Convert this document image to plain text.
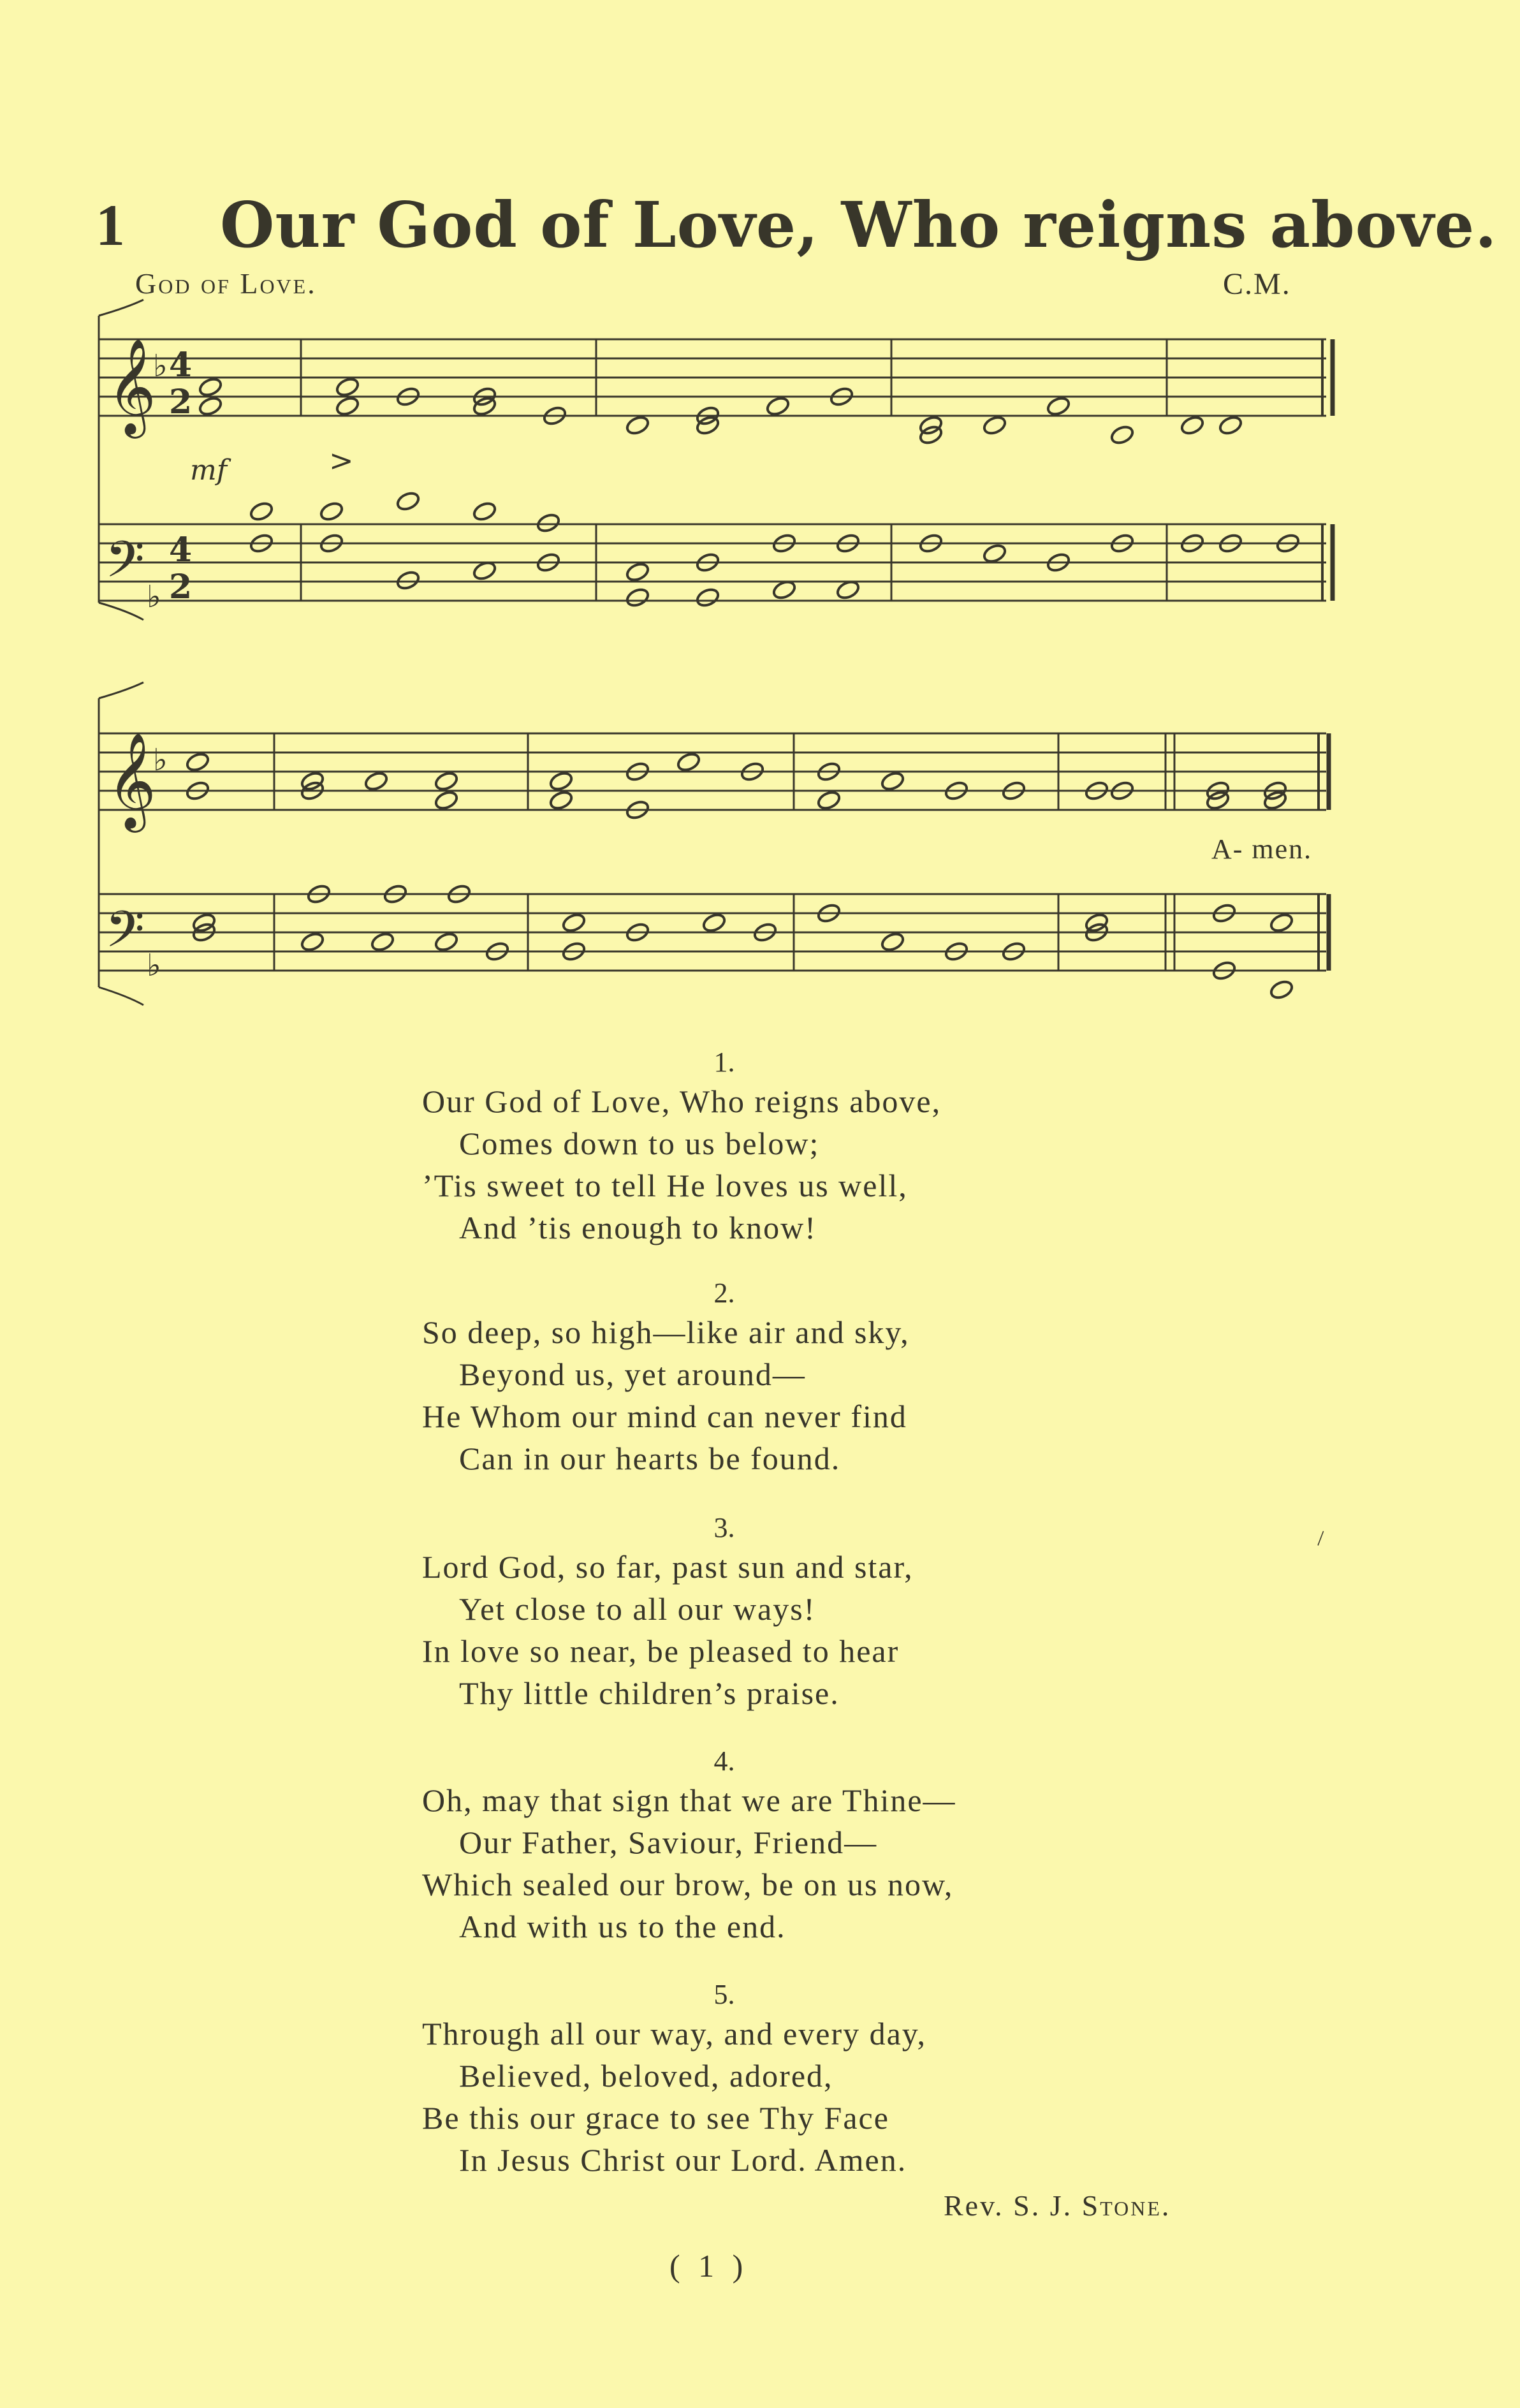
1 Our God of Love, Who reigns above.
God of Love.	C.M.
𝄞
𝄢
𝄞
𝄢
♭
♭
♭
♭
4
2
4
2
mf	>
A- men.
1.
Our God of Love, Who reigns above,
Comes down to us below;
’Tis sweet to tell He loves us well,
And ’tis enough to know!
2.
So deep, so high—like air and sky,
Beyond us, yet around—
He Whom our mind can never find
Can in our hearts be found.
3.
Lord God, so far, past sun and star,
Yet close to all our ways!
In love so near, be pleased to hear
Thy little children’s praise.
4.
Oh, may that sign that we are Thine—
Our Father, Saviour, Friend—
Which sealed our brow, be on us now,
And with us to the end.
5.
Through all our way, and every day,
Believed, beloved, adored,
Be this our grace to see Thy Face
In Jesus Christ our Lord. Amen.
\
Rev. S. J. Stone.
( 1 )
